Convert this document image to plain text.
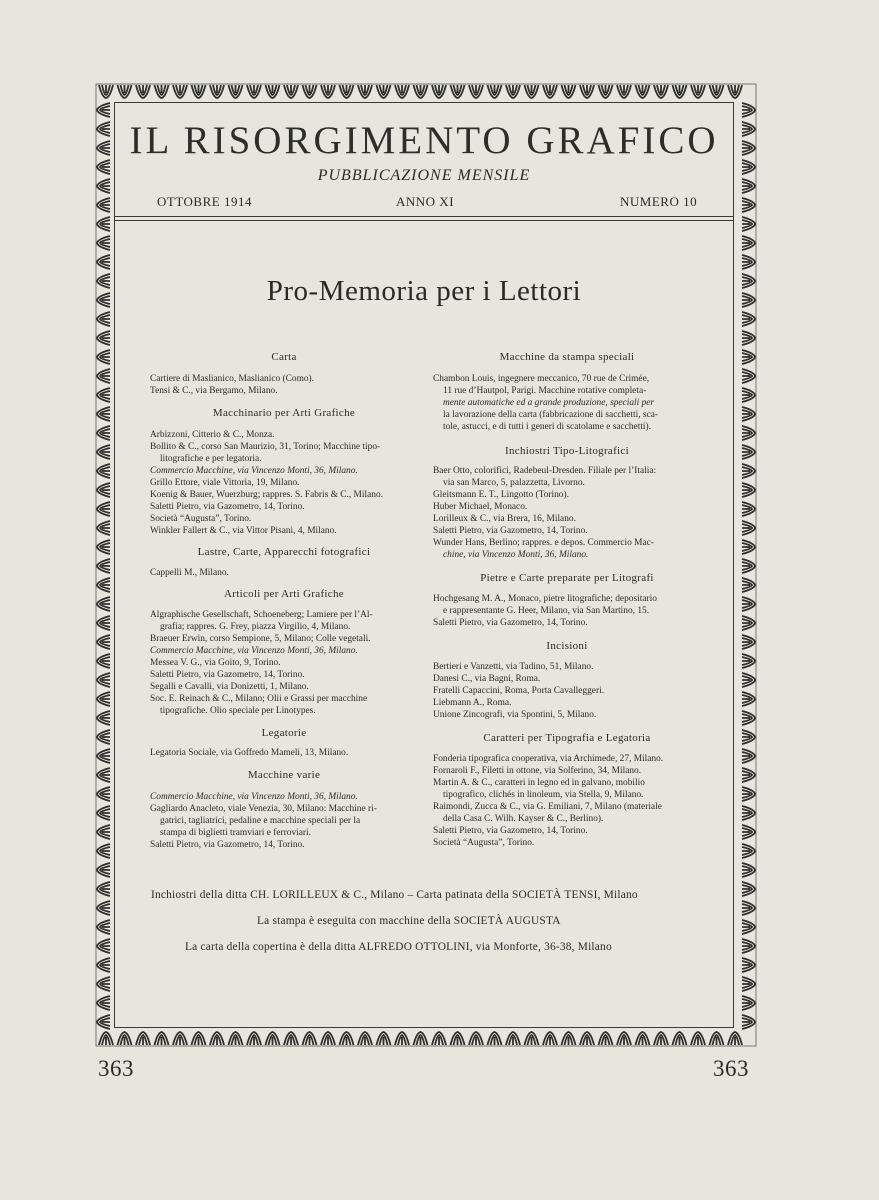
IL RISORGIMENTO GRAFICO
PUBBLICAZIONE MENSILE
OTTOBRE 1914	ANNO XI	NUMERO 10
Pro-Memoria per i Lettori

Carta

Cartiere di Maslianico, Maslianico (Como).

Tensi & C., via Bergamo, Milano.

Macchinario per Arti Grafiche

Arbizzoni, Citterio & C., Monza.

Bollito & C., corso San Maurizio, 31, Torino; Macchine tipo-

litografiche e per legatoria.

Commercio Macchine, via Vincenzo Monti, 36, Milano.

Grillo Ettore, viale Vittoria, 19, Milano.

Koenig & Bauer, Wuerzburg; rappres. S. Fabris & C., Milano.

Saletti Pietro, via Gazometro, 14, Torino.

Società “Augusta”, Torino.

Winkler Fallert & C., via Vittor Pisani, 4, Milano.

Lastre, Carte, Apparecchi fotografici

Cappelli M., Milano.

Articoli per Arti Grafiche

Algraphische Gesellschaft, Schoeneberg; Lamiere per l’Al-

grafia; rappres. G. Frey, piazza Virgilio, 4, Milano.

Braeuer Erwin, corso Sempione, 5, Milano; Colle vegetali.

Commercio Macchine, via Vincenzo Monti, 36, Milano.

Messea V. G., via Goito, 9, Torino.

Saletti Pietro, via Gazometro, 14, Torino.

Segalli e Cavalli, via Donizetti, 1, Milano.

Soc. E. Reinach & C., Milano; Olii e Grassi per macchine

tipografiche. Olio speciale per Linotypes.

Legatorie

Legatoria Sociale, via Goffredo Mameli, 13, Milano.

Macchine varie

Commercio Macchine, via Vincenzo Monti, 36, Milano.

Gagliardo Anacleto, viale Venezia, 30, Milano: Macchine ri-

gatrici, tagliatrici, pedaline e macchine speciali per la

stampa di biglietti tramviari e ferroviari.

Saletti Pietro, via Gazometro, 14, Torino.

Macchine da stampa speciali

Chambon Louis, ingegnere meccanico, 70 rue de Crimée,

11 rue d’Hautpol, Parigi. Macchine rotative completa-

mente automatiche ed a grande produzione, speciali per

la lavorazione della carta (fabbricazione di sacchetti, sca-

tole, astucci, e di tutti i generi di scatolame e sacchetti).

Inchiostri Tipo-Litografici

Baer Otto, colorifici, Radebeul-Dresden. Filiale per l’Italia:

via san Marco, 5, palazzetta, Livorno.

Gleitsmann E. T., Lingotto (Torino).

Huber Michael, Monaco.

Lorilleux & C., via Brera, 16, Milano.

Saletti Pietro, via Gazometro, 14, Torino.

Wunder Hans, Berlino; rappres. e depos. Commercio Mac-

chine, via Vincenzo Monti, 36, Milano.

Pietre e Carte preparate per Litografi

Hochgesang M. A., Monaco, pietre litografiche; depositario

e rappresentante G. Heer, Milano, via San Martino, 15.

Saletti Pietro, via Gazometro, 14, Torino.

Incisioni

Bertieri e Vanzetti, via Tadino, 51, Milano.

Danesi C., via Bagni, Roma.

Fratelli Capaccini, Roma, Porta Cavalleggeri.

Liebmann A., Roma.

Unione Zincografi, via Spontini, 5, Milano.

Caratteri per Tipografia e Legatoria

Fonderia tipografica cooperativa, via Archimede, 27, Milano.

Fornaroli F., Filetti in ottone, via Solferino, 34, Milano.

Martin A. & C., caratteri in legno ed in galvano, mobilio

tipografico, clichés in linoleum, via Stella, 9, Milano.

Raimondi, Zucca & C., via G. Emiliani, 7, Milano (materiale

della Casa C. Wilh. Kayser & C., Berlino).

Saletti Pietro, via Gazometro, 14, Torino.

Società “Augusta”, Torino.

Inchiostri della ditta CH. LORILLEUX & C., Milano – Carta patinata della SOCIETÀ TENSI, Milano
La stampa è eseguita con macchine della SOCIETÀ AUGUSTA
La carta della copertina è della ditta ALFREDO OTTOLINI, via Monforte, 36-38, Milano
363	363
